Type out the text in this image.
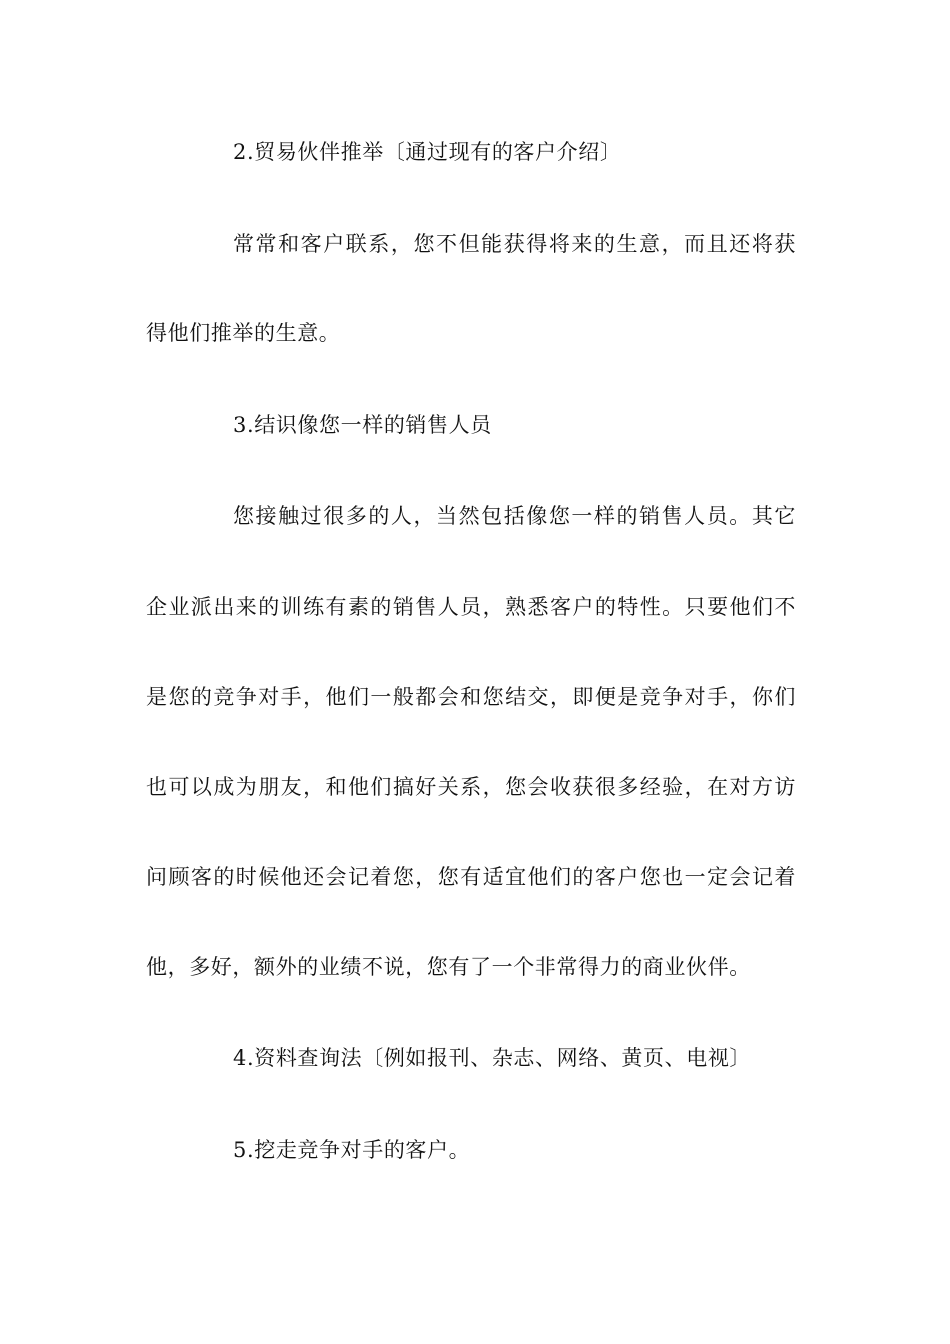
2.贸易伙伴推举〔通过现有的客户介绍〕
常常和客户联系，您不但能获得将来的生意，而且还将获
得他们推举的生意。
3.结识像您一样的销售人员
您接触过很多的人，当然包括像您一样的销售人员。其它
企业派出来的训练有素的销售人员，熟悉客户的特性。只要他们不
是您的竞争对手，他们一般都会和您结交，即便是竞争对手，你们
也可以成为朋友，和他们搞好关系，您会收获很多经验，在对方访
问顾客的时候他还会记着您，您有适宜他们的客户您也一定会记着
他，多好，额外的业绩不说，您有了一个非常得力的商业伙伴。
4.资料查询法〔例如报刊、杂志、网络、黄页、电视〕
5.挖走竞争对手的客户。
